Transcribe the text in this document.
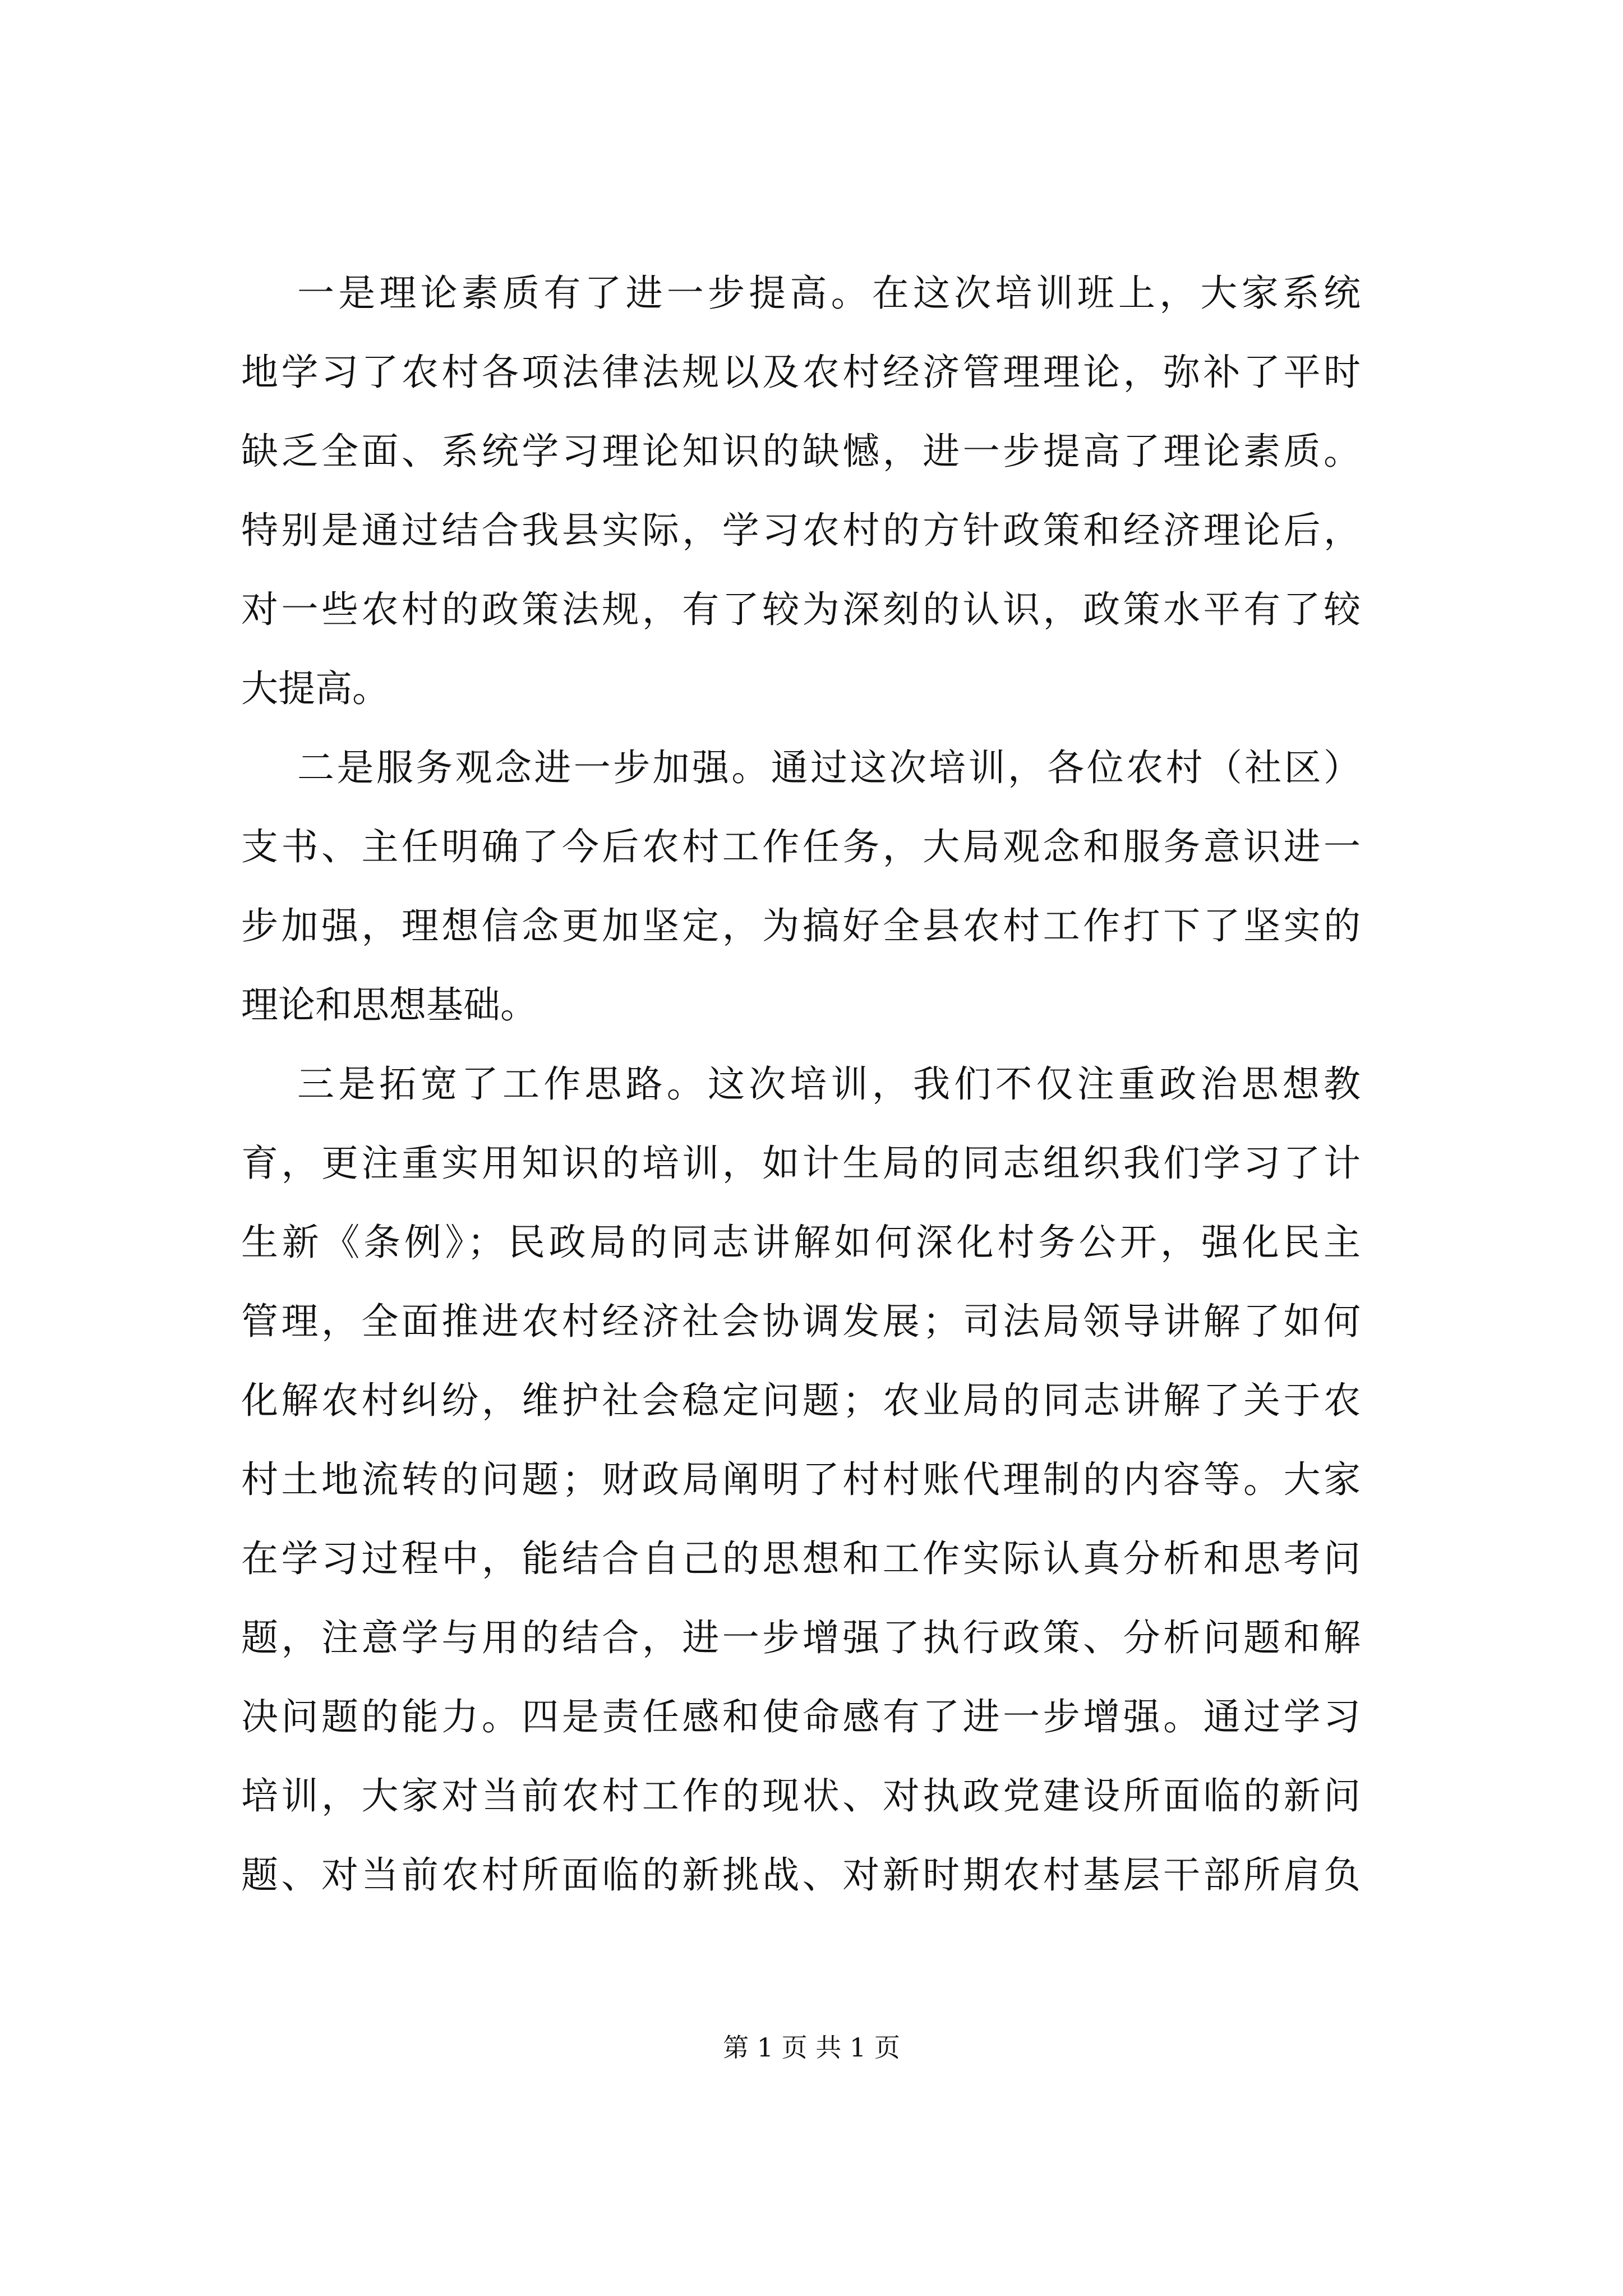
一是理论素质有了进一步提高。在这次培训班上，大家系统
地学习了农村各项法律法规以及农村经济管理理论，弥补了平时
缺乏全面、系统学习理论知识的缺憾，进一步提高了理论素质。
特别是通过结合我县实际，学习农村的方针政策和经济理论后，
对一些农村的政策法规，有了较为深刻的认识，政策水平有了较
大提高。
二是服务观念进一步加强。通过这次培训，各位农村（社区）
支书、主任明确了今后农村工作任务，大局观念和服务意识进一
步加强，理想信念更加坚定，为搞好全县农村工作打下了坚实的
理论和思想基础。
三是拓宽了工作思路。这次培训，我们不仅注重政治思想教
育，更注重实用知识的培训，如计生局的同志组织我们学习了计
生新《条例》；民政局的同志讲解如何深化村务公开，强化民主
管理，全面推进农村经济社会协调发展；司法局领导讲解了如何
化解农村纠纷，维护社会稳定问题；农业局的同志讲解了关于农
村土地流转的问题；财政局阐明了村村账代理制的内容等。大家
在学习过程中，能结合自己的思想和工作实际认真分析和思考问
题，注意学与用的结合，进一步增强了执行政策、分析问题和解
决问题的能力。四是责任感和使命感有了进一步增强。通过学习
培训，大家对当前农村工作的现状、对执政党建设所面临的新问
题、对当前农村所面临的新挑战、对新时期农村基层干部所肩负
第 1 页 共 1 页
